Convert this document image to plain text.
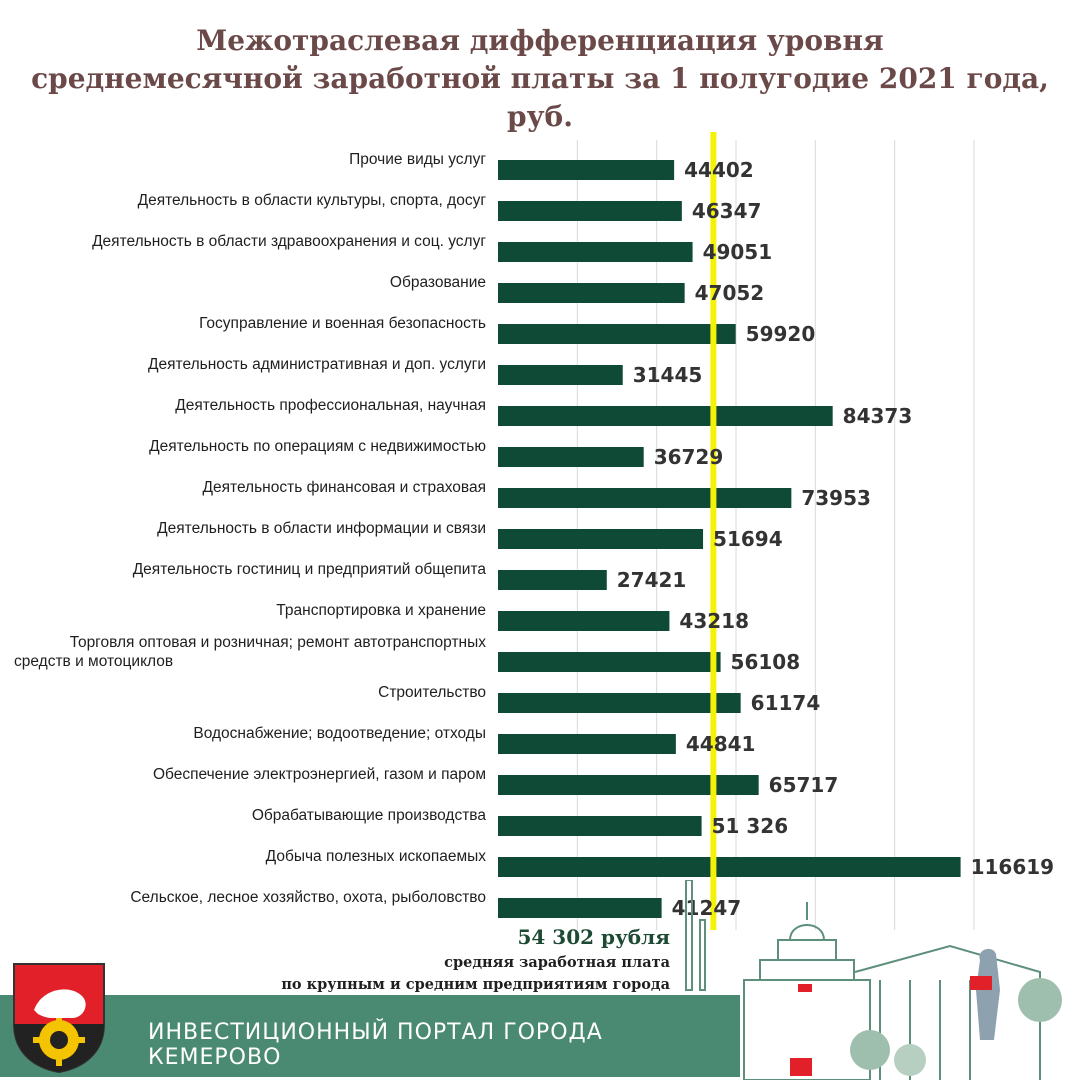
Межотраслевая дифференциация уровня
среднемесячной заработной платы за 1 полугодие 2021 года, руб.
44402
46347
49051
47052
59920
31445
84373
36729
73953
51694
27421
43218
56108
61174
44841
65717
51 326
116619
41247
Прочие виды услуг
Деятельность в области культуры, спорта, досуг
Деятельность в области здравоохранения и соц. услуг
Образование
Госуправление и военная безопасность
Деятельность административная и доп. услуги
Деятельность профессиональная, научная
Деятельность по операциям с недвижимостью
Деятельность финансовая и страховая
Деятельность в области информации и связи
Деятельность гостиниц и предприятий общепита
Транспортировка и хранение
Торговля оптовая и розничная; ремонт автотранспортных
средств и мотоциклов
Строительство
Водоснабжение; водоотведение; отходы
Обеспечение электроэнергией, газом и паром
Обрабатывающие производства
Добыча полезных ископаемых
Сельское, лесное хозяйство, охота, рыболовство
54 302 рубля
средняя заработная плата
по крупным и средним предприятиям города
ИНВЕСТИЦИОННЫЙ ПОРТАЛ ГОРОДА КЕМЕРОВО
